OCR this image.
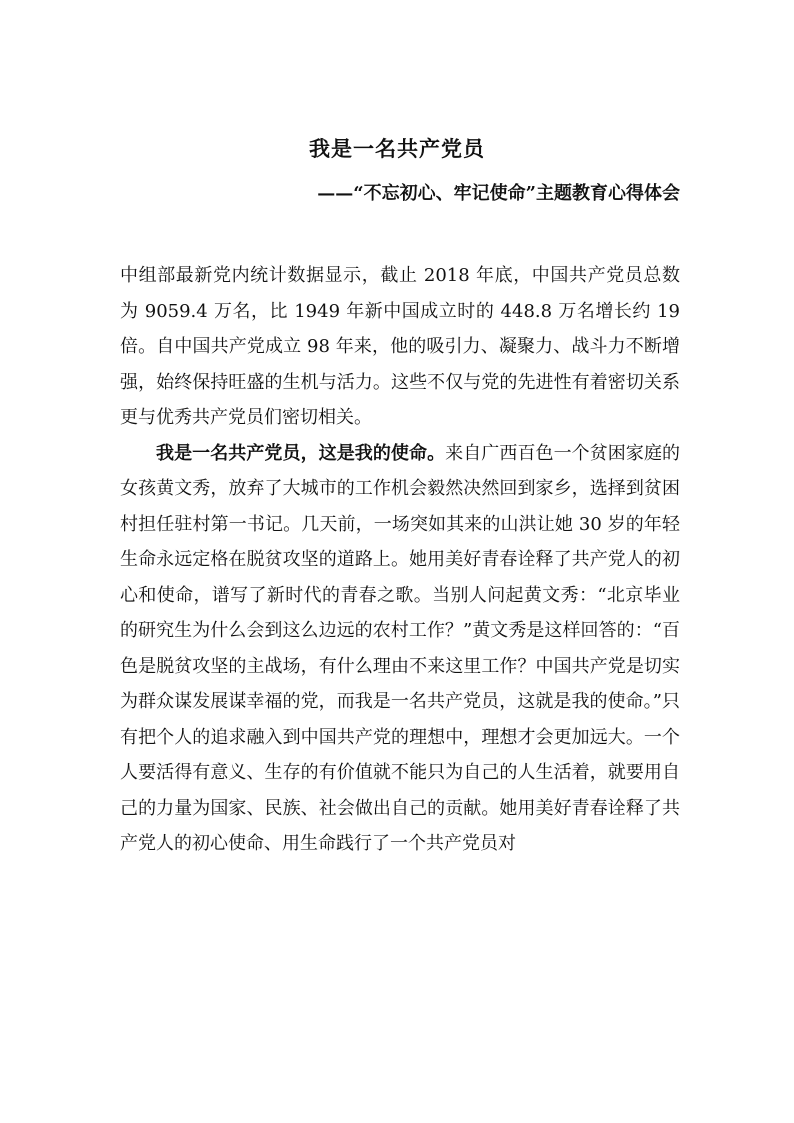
我是一名共产党员
——“不忘初心、牢记使命”主题教育心得体会

中组部最新党内统计数据显示，截止 2018 年底，中国共产党员总数为 9059.4 万名，比 1949 年新中国成立时的 448.8 万名增长约 19 倍。自中国共产党成立 98 年来，他的吸引力、凝聚力、战斗力不断增强，始终保持旺盛的生机与活力。这些不仅与党的先进性有着密切关系更与优秀共产党员们密切相关。

我是一名共产党员，这是我的使命。来自广西百色一个贫困家庭的女孩黄文秀，放弃了大城市的工作机会毅然决然回到家乡，选择到贫困村担任驻村第一书记。几天前，一场突如其来的山洪让她 30 岁的年轻生命永远定格在脱贫攻坚的道路上。她用美好青春诠释了共产党人的初心和使命，谱写了新时代的青春之歌。当别人问起黄文秀：“北京毕业的研究生为什么会到这么边远的农村工作？”黄文秀是这样回答的：“百色是脱贫攻坚的主战场，有什么理由不来这里工作？中国共产党是切实为群众谋发展谋幸福的党，而我是一名共产党员，这就是我的使命。”只有把个人的追求融入到中国共产党的理想中，理想才会更加远大。一个人要活得有意义、生存的有价值就不能只为自己的人生活着，就要用自己的力量为国家、民族、社会做出自己的贡献。她用美好青春诠释了共产党人的初心使命、用生命践行了一个共产党员对
